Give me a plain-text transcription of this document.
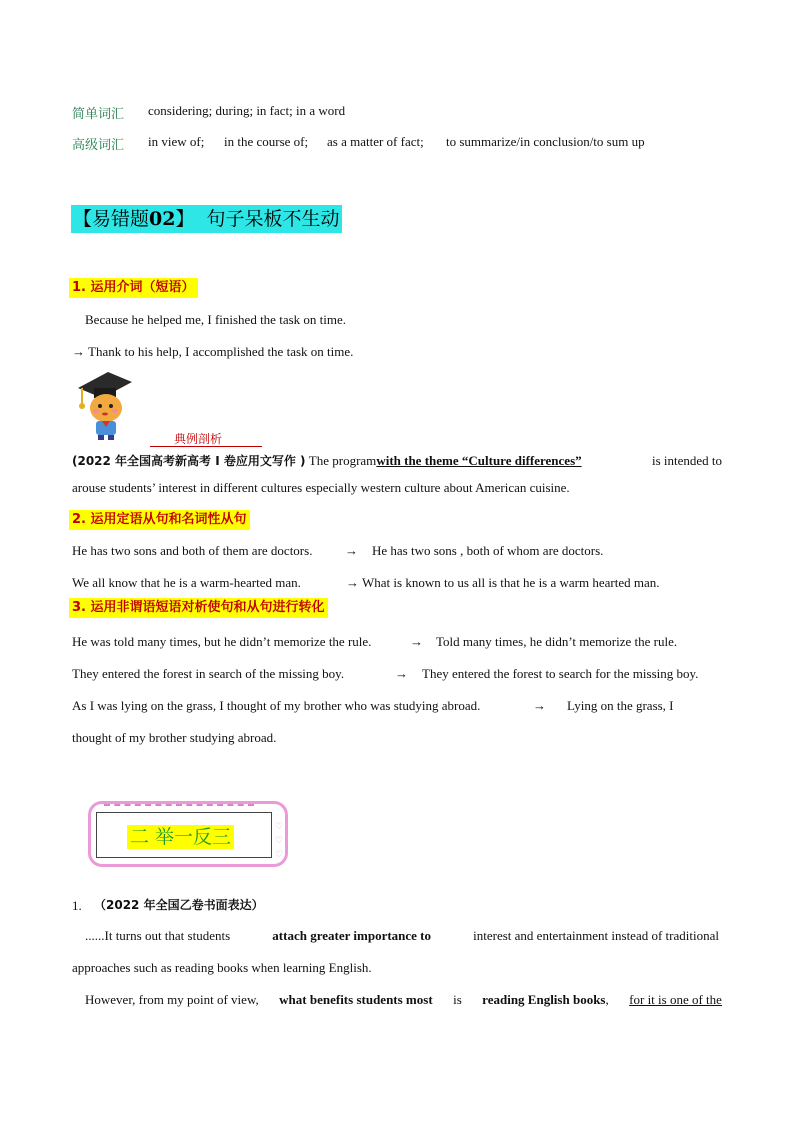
简单词汇 considering; during; in fact; in a word
高级词汇 in view of; in the course of; as a matter of fact; to summarize/in conclusion/to sum up
【易错题02】 句子呆板不生动
1. 运用介词（短语）
Because he helped me, I finished the task on time.
→ Thank to his help, I accomplished the task on time.
典例剖析
(2022 年全国高考新高考 I 卷应用文写作 ) The programwith the theme “Culture differences”	is intended to
arouse students’ interest in different cultures especially western culture about American cuisine.
2. 运用定语从句和名词性从句
He has two sons and both of them are doctors.	→ He has two sons , both of whom are doctors.
We all know that he is a warm-hearted man.	→ What is known to us all is that he is a warm hearted man.
3. 运用非谓语短语对析使句和从句进行转化
He was told many times, but he didn’t memorize the rule.	→ Told many times, he didn’t memorize the rule.
They entered the forest in search of the missing boy.	→ They entered the forest to search for the missing boy.
As I was lying on the grass, I thought of my brother who was studying abroad.	→ Lying on the grass, I
thought of my brother studying abroad.
♡
♡
♡
二 举一反三
1. （2022 年全国乙卷书面表达）
......It turns out that students	attach greater importance to	interest and entertainment instead of traditional
approaches such as reading books when learning English.
However, from my point of view, what benefits students most is reading English books, for it is one of the
